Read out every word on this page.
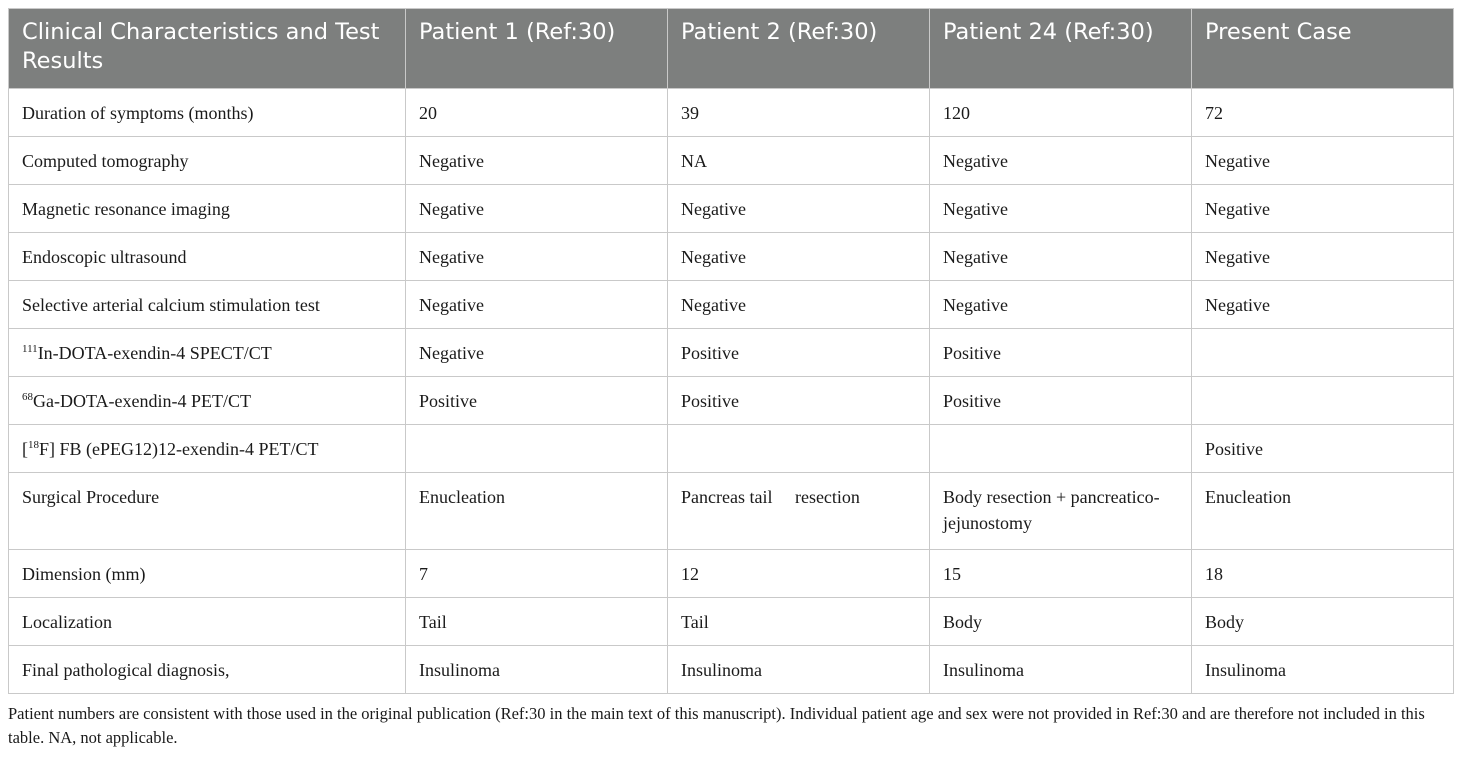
Clinical Characteristics and Test Results	Patient 1 (Ref:30)	Patient 2 (Ref:30)	Patient 24 (Ref:30)	Present Case
Duration of symptoms (months)	20	39	120	72
Computed tomography	Negative	NA	Negative	Negative
Magnetic resonance imaging	Negative	Negative	Negative	Negative
Endoscopic ultrasound	Negative	Negative	Negative	Negative
Selective arterial calcium stimulation test	Negative	Negative	Negative	Negative
$^{111}$In-DOTA-exendin-4 SPECT/CT	Negative	Positive	Positive	
$^{68}$Ga-DOTA-exendin-4 PET/CT	Positive	Positive	Positive	
[$^{18}$F] FB (ePEG12)12-exendin-4 PET/CT				Positive
Surgical Procedure	Enucleation	Pancreas tail     resection	Body resection + pancreatico-jejunostomy	Enucleation
Dimension (mm)	7	12	15	18
Localization	Tail	Tail	Body	Body
Final pathological diagnosis,	Insulinoma	Insulinoma	Insulinoma	Insulinoma
Patient numbers are consistent with those used in the original publication (Ref:30 in the main text of this manuscript). Individual patient age and sex were not provided in Ref:30 and are therefore not included in this table. NA, not applicable.
